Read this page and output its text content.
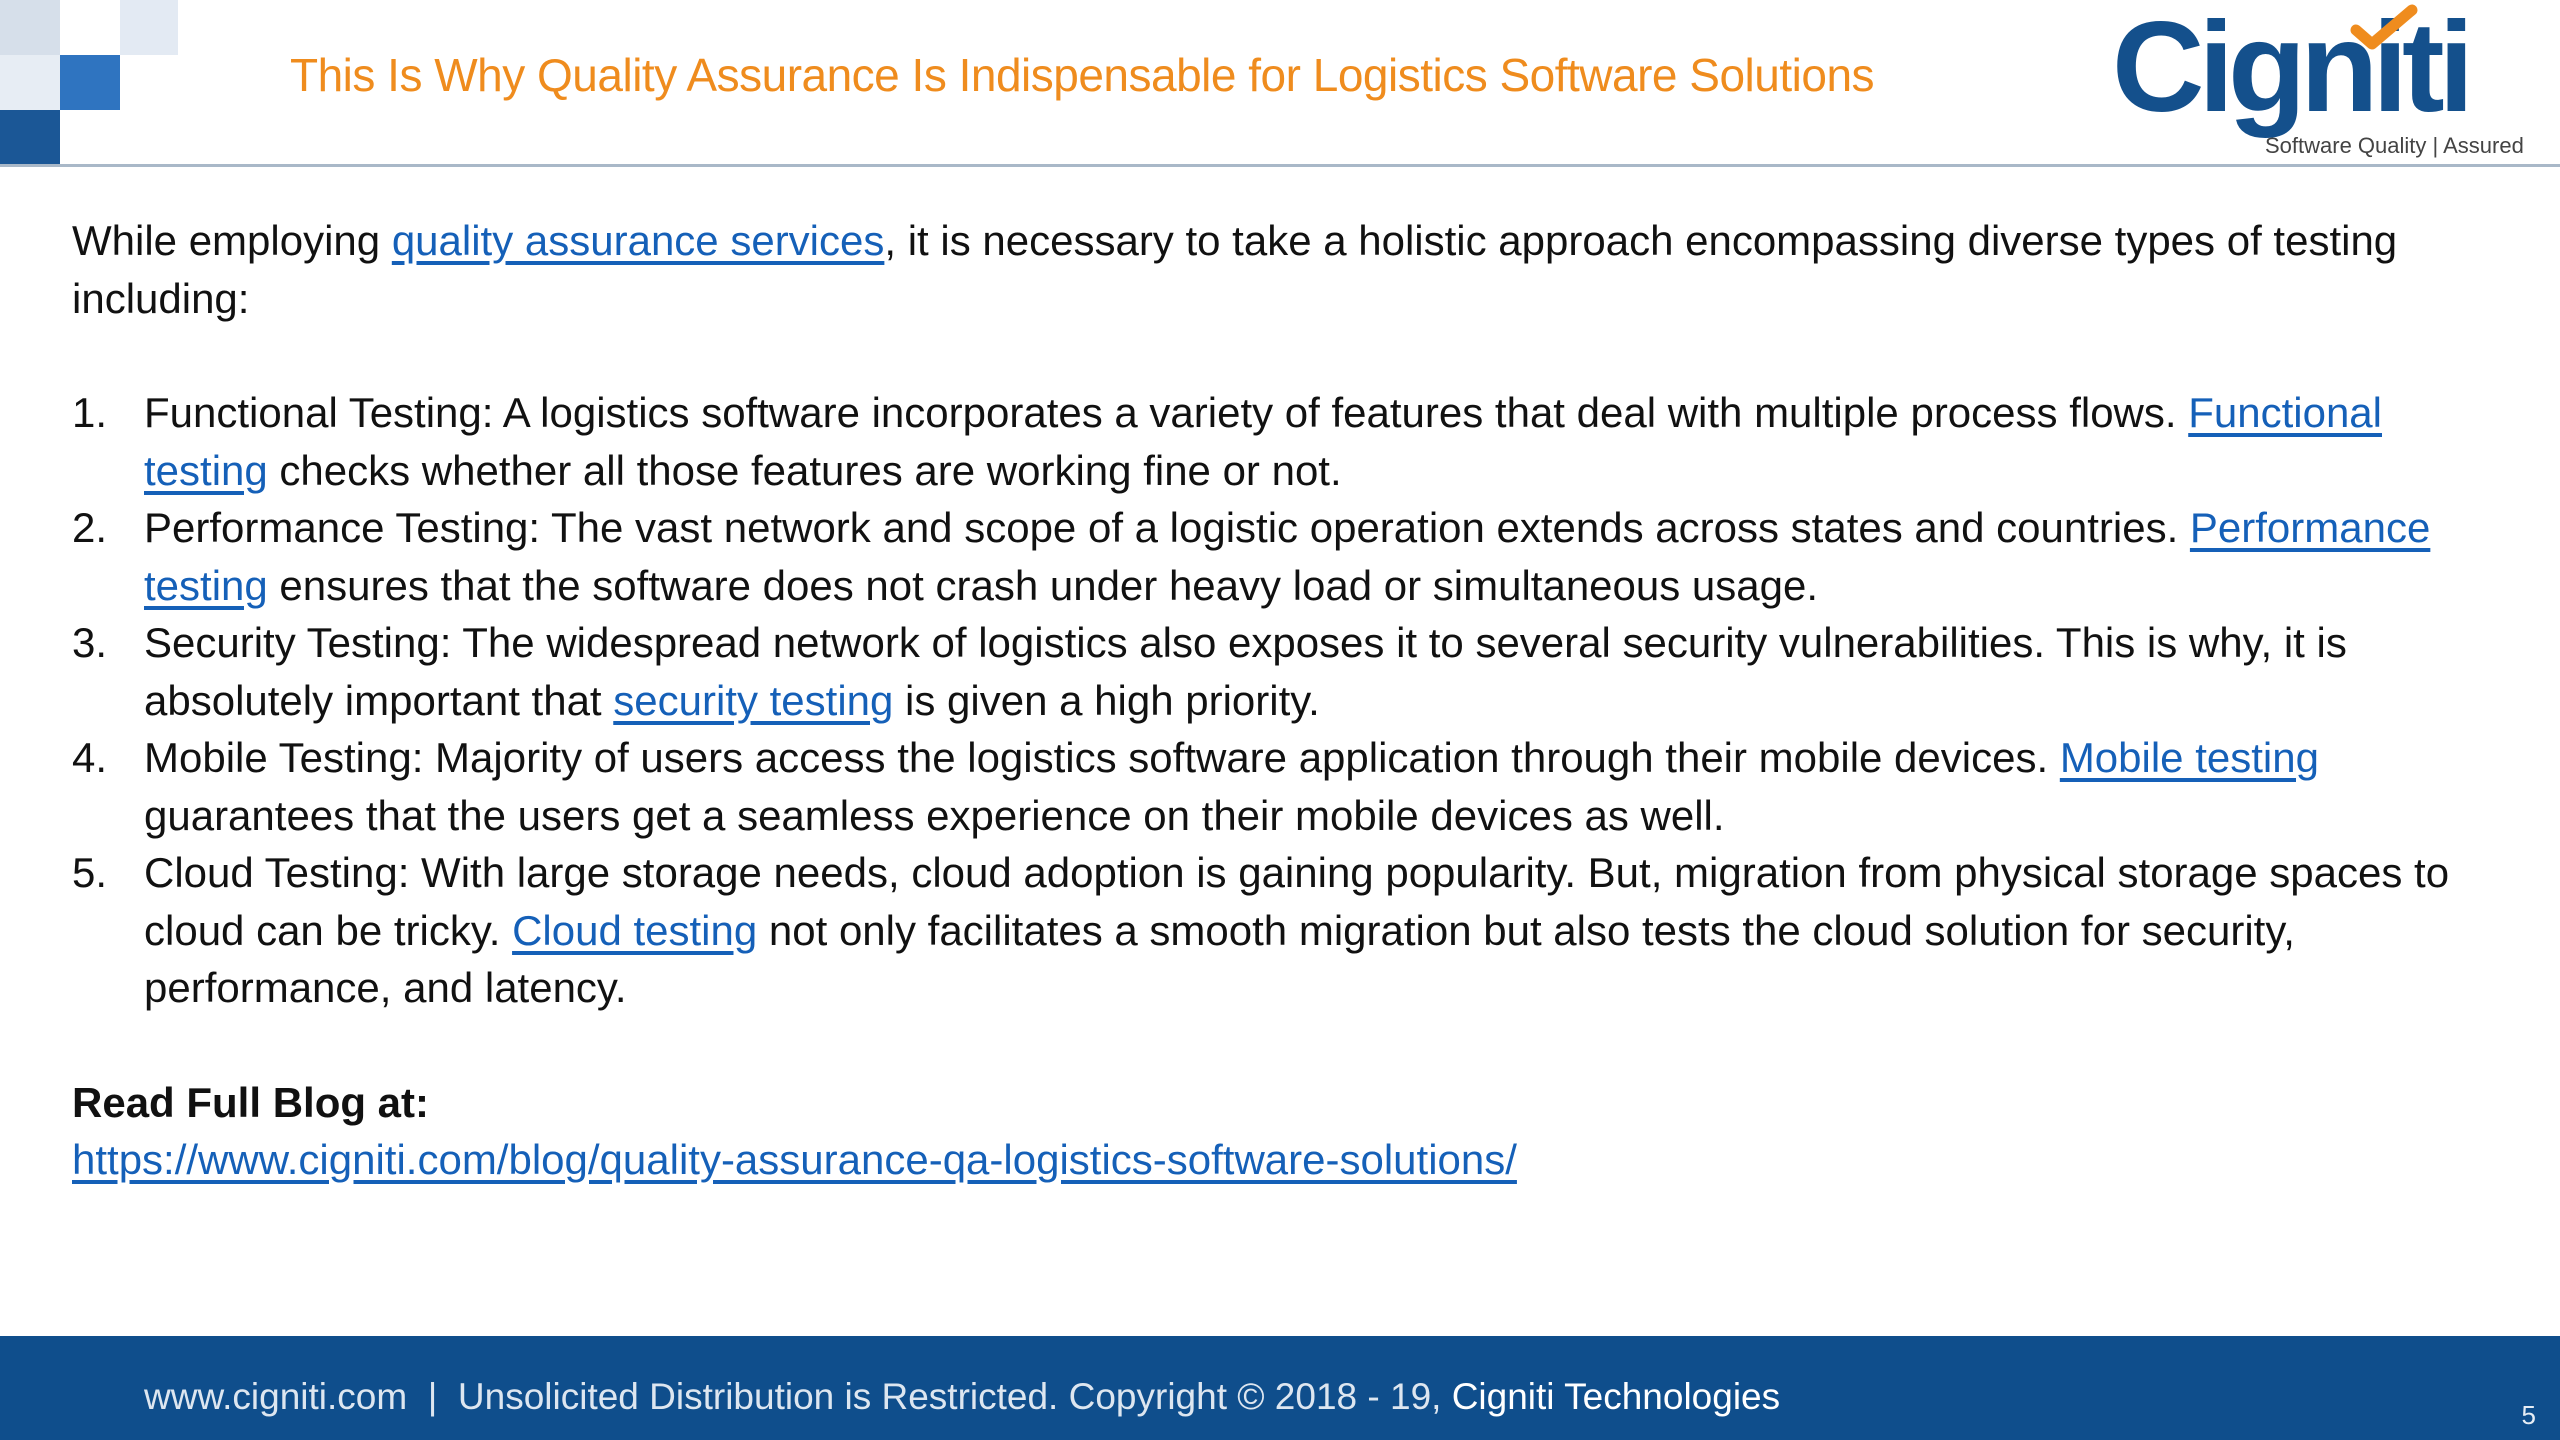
This Is Why Quality Assurance Is Indispensable for Logistics Software Solutions Cigniti
Software Quality | Assured

While employing quality assurance services, it is necessary to take a holistic approach encompassing diverse types of testing including:

1. Functional Testing: A logistics software incorporates a variety of features that deal with multiple process flows. Functional testing checks whether all those features are working fine or not.
2. Performance Testing: The vast network and scope of a logistic operation extends across states and countries. Performance testing ensures that the software does not crash under heavy load or simultaneous usage.
3. Security Testing: The widespread network of logistics also exposes it to several security vulnerabilities. This is why, it is absolutely important that security testing is given a high priority.
4. Mobile Testing: Majority of users access the logistics software application through their mobile devices. Mobile testing guarantees that the users get a seamless experience on their mobile devices as well.
5. Cloud Testing: With large storage needs, cloud adoption is gaining popularity. But, migration from physical storage spaces to cloud can be tricky. Cloud testing not only facilitates a smooth migration but also tests the cloud solution for security, performance, and latency.

Read Full Blog at:

https://www.cigniti.com/blog/quality-assurance-qa-logistics-software-solutions/

www.cigniti.com  |  Unsolicited Distribution is Restricted. Copyright © 2018 - 19, Cigniti Technologies	5
